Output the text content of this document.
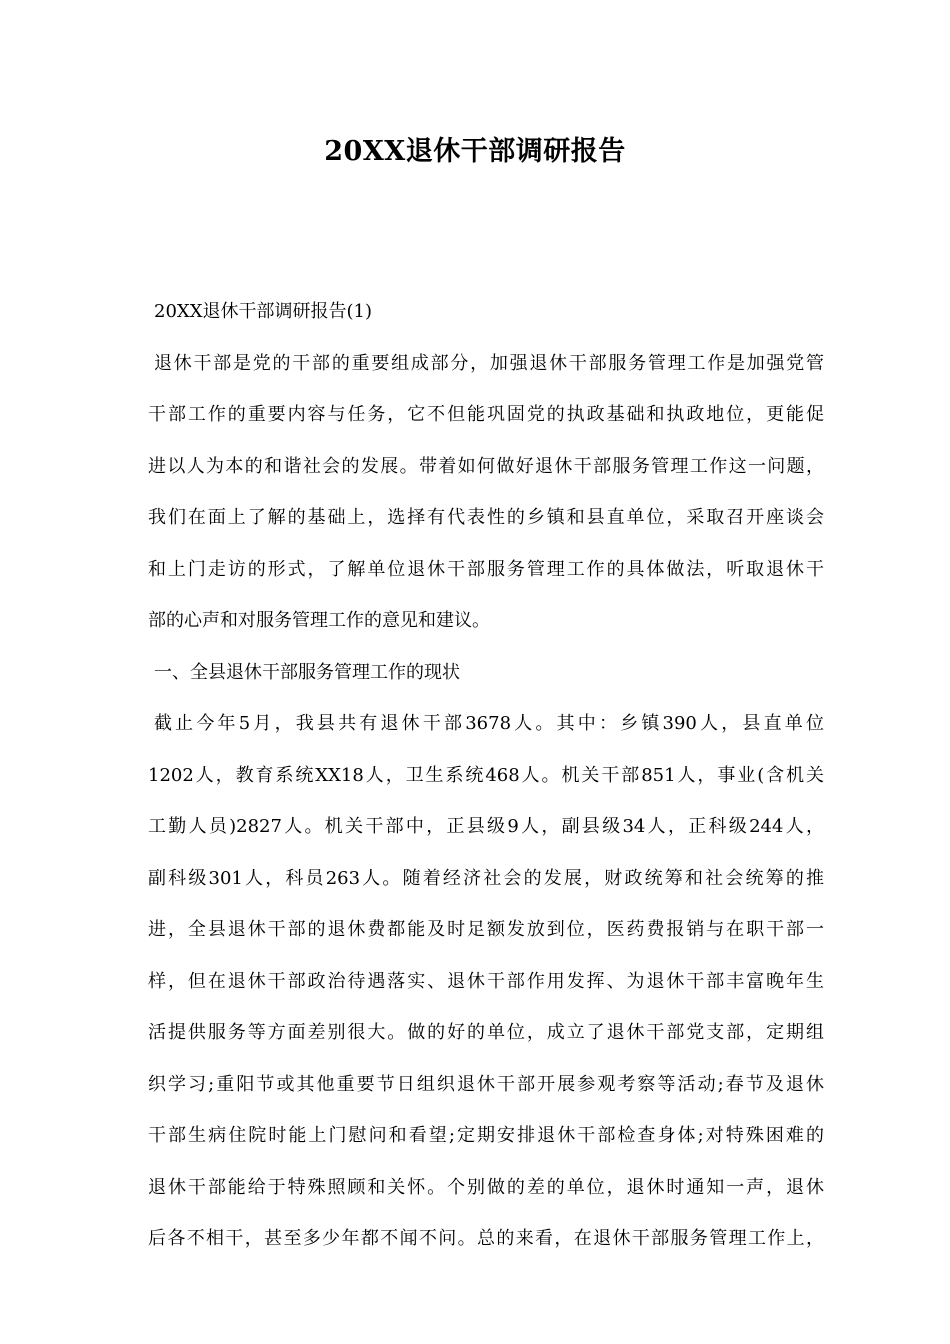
20XX退休干部调研报告
20XX退休干部调研报告(1)
退休干部是党的干部的重要组成部分，加强退休干部服务管理工作是加强党管
干部工作的重要内容与任务，它不但能巩固党的执政基础和执政地位，更能促
进以人为本的和谐社会的发展。带着如何做好退休干部服务管理工作这一问题，
我们在面上了解的基础上，选择有代表性的乡镇和县直单位，采取召开座谈会
和上门走访的形式，了解单位退休干部服务管理工作的具体做法，听取退休干
部的心声和对服务管理工作的意见和建议。
一、全县退休干部服务管理工作的现状
截止今年5月，我县共有退休干部3678人。其中：乡镇390人，县直单位
1202人，教育系统XX18人，卫生系统468人。机关干部851人，事业(含机关
工勤人员)2827人。机关干部中，正县级9人，副县级34人，正科级244人，
副科级301人，科员263人。随着经济社会的发展，财政统筹和社会统筹的推
进，全县退休干部的退休费都能及时足额发放到位，医药费报销与在职干部一
样，但在退休干部政治待遇落实、退休干部作用发挥、为退休干部丰富晚年生
活提供服务等方面差别很大。做的好的单位，成立了退休干部党支部，定期组
织学习;重阳节或其他重要节日组织退休干部开展参观考察等活动;春节及退休
干部生病住院时能上门慰问和看望;定期安排退休干部检查身体;对特殊困难的
退休干部能给于特殊照顾和关怀。个别做的差的单位，退休时通知一声，退休
后各不相干，甚至多少年都不闻不问。总的来看，在退休干部服务管理工作上，
